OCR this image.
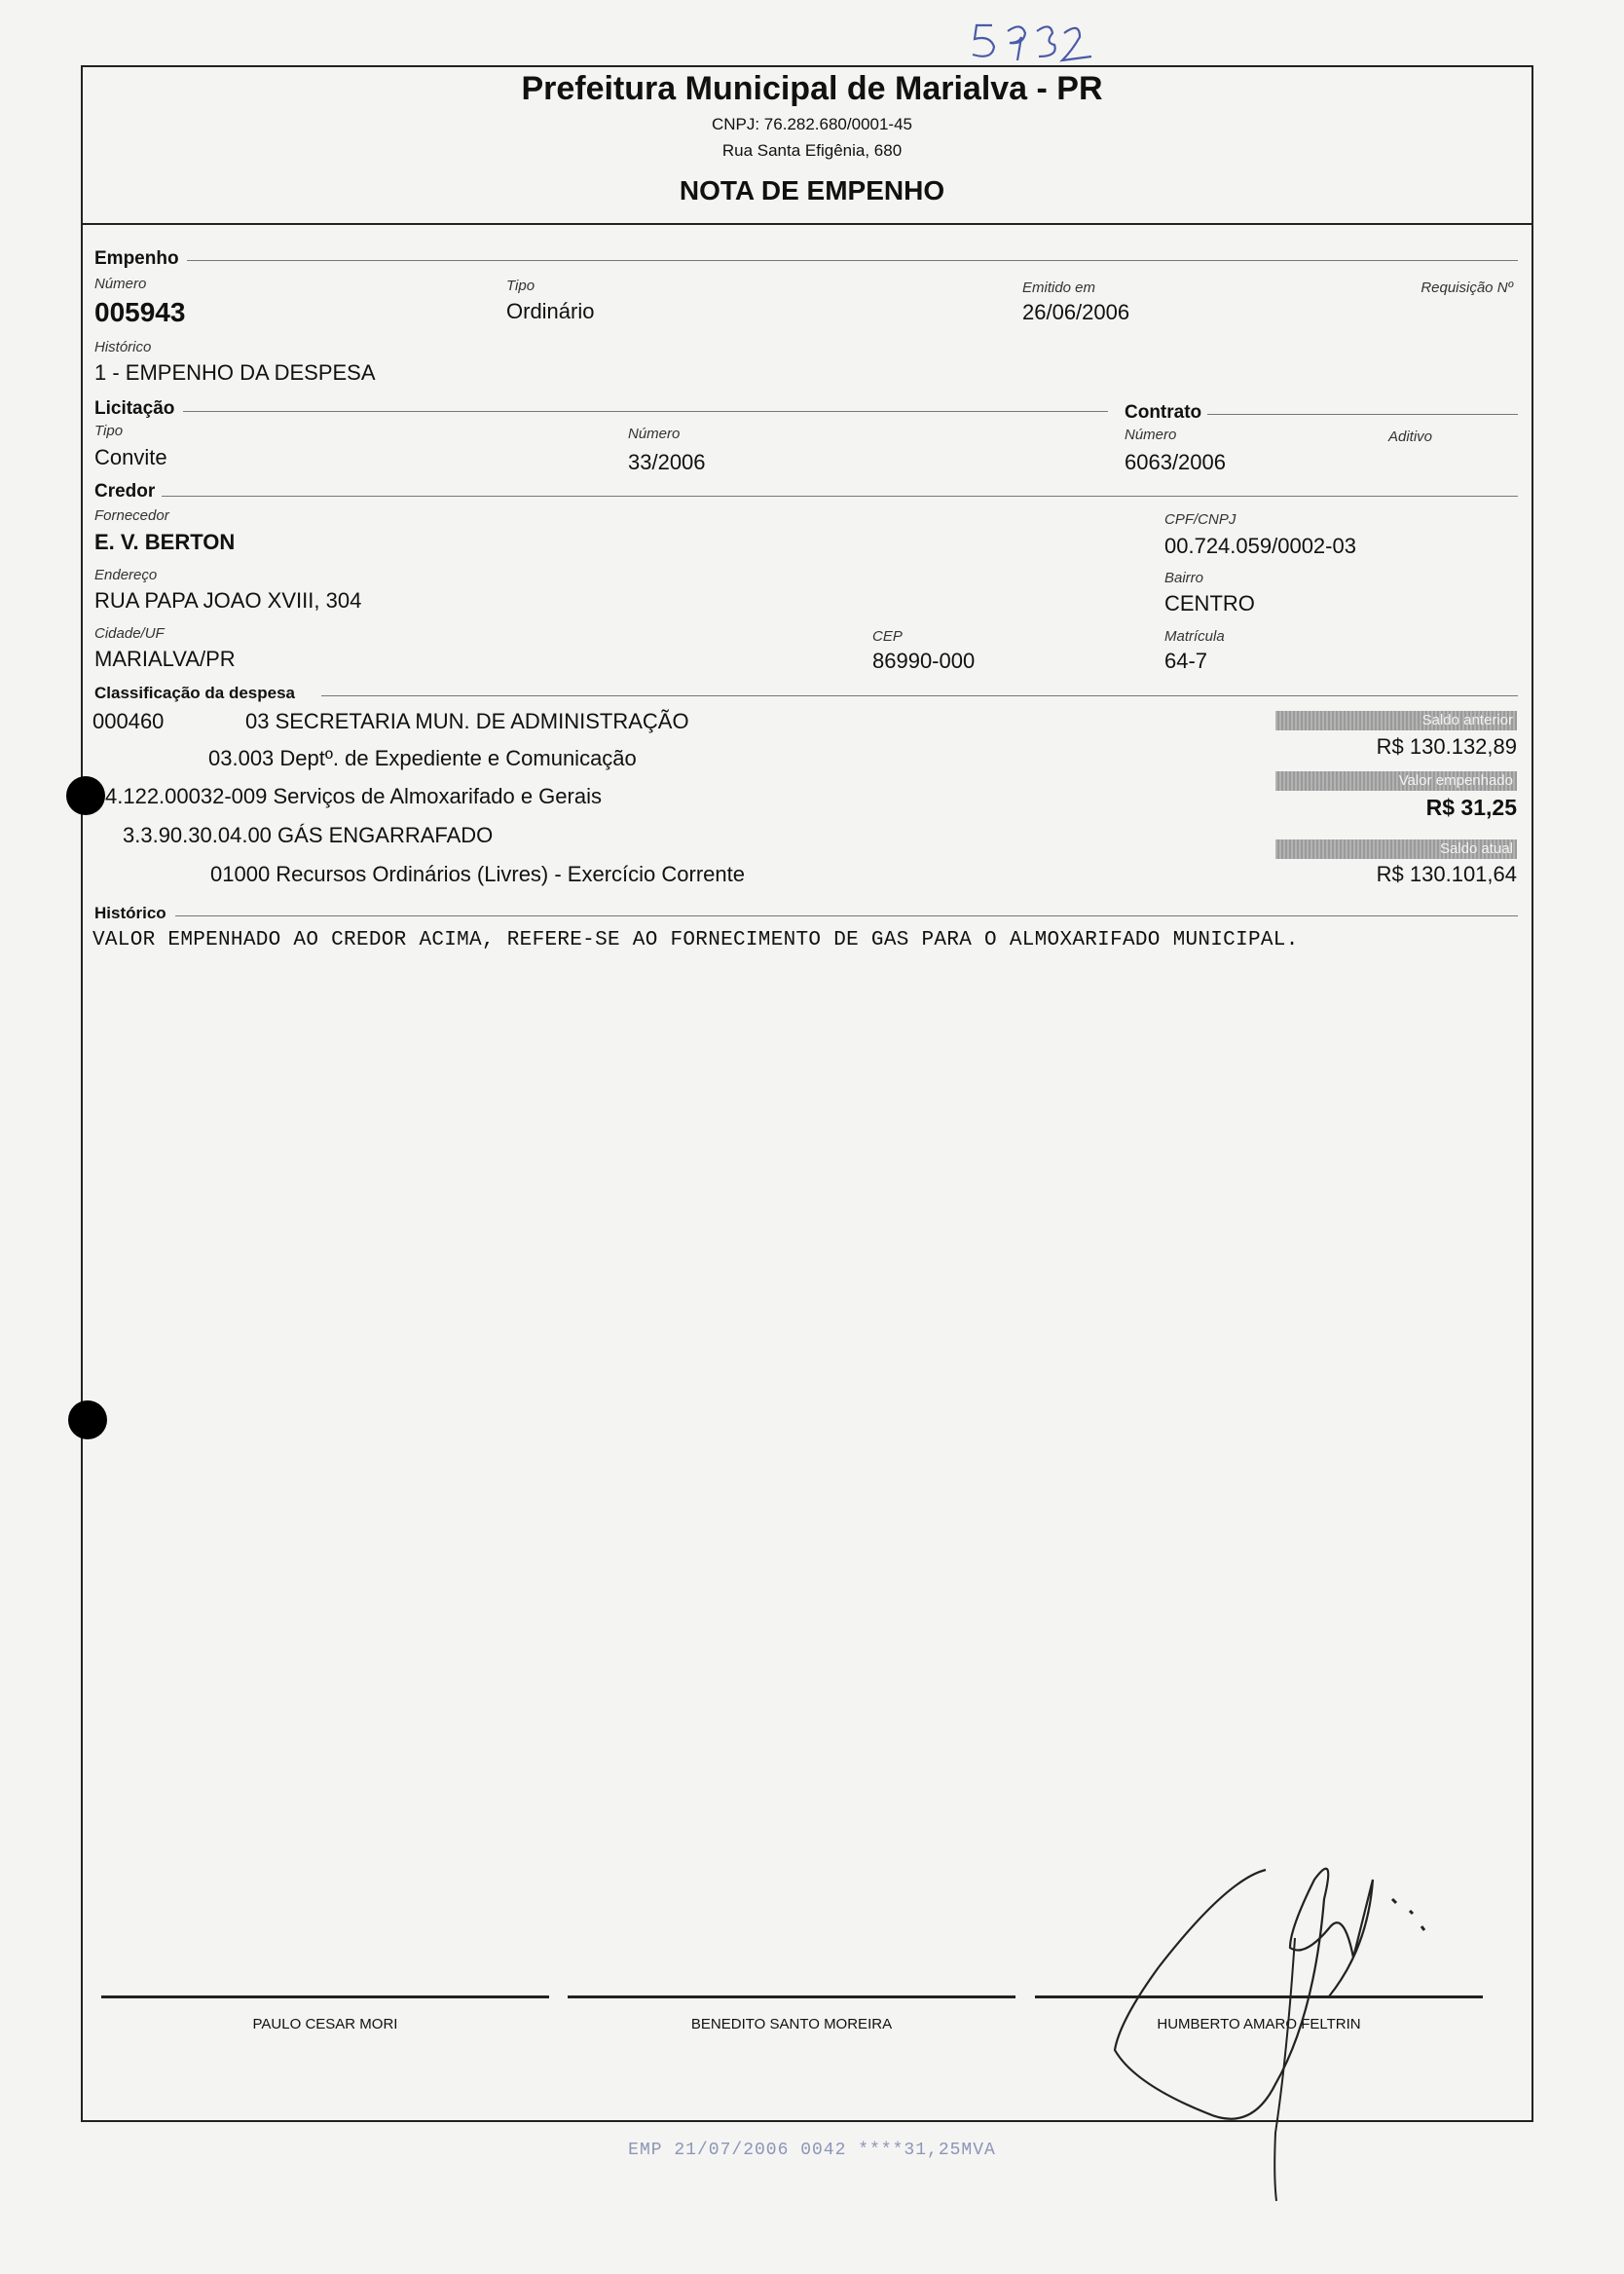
Prefeitura Municipal de Marialva - PR
CNPJ: 76.282.680/0001-45
Rua Santa Efigênia, 680
NOTA DE EMPENHO
Empenho
Número
005943
Tipo
Ordinário
Emitido em
26/06/2006
Requisição Nº
Histórico
1 - EMPENHO DA DESPESA
Licitação
Tipo
Convite
Número
33/2006
Contrato
Número
6063/2006
Aditivo
Credor
Fornecedor
E. V. BERTON
CPF/CNPJ
00.724.059/0002-03
Endereço
RUA PAPA JOAO XVIII, 304
Bairro
CENTRO
Cidade/UF
MARIALVA/PR
CEP
86990-000
Matrícula
64-7
Classificação da despesa
000460	03 SECRETARIA MUN. DE ADMINISTRAÇÃO
03.003 Deptº. de Expediente e Comunicação
4.122.00032-009 Serviços de Almoxarifado e Gerais
3.3.90.30.04.00 GÁS ENGARRAFADO
01000 Recursos Ordinários (Livres) - Exercício Corrente
Saldo anterior
R$ 130.132,89
Valor empenhado
R$ 31,25
Saldo atual
R$ 130.101,64
Histórico
VALOR EMPENHADO AO CREDOR ACIMA, REFERE-SE AO FORNECIMENTO DE GAS PARA O ALMOXARIFADO MUNICIPAL.
PAULO CESAR MORI	BENEDITO SANTO MOREIRA	HUMBERTO AMARO FELTRIN
EMP 21/07/2006 0042 ****31,25MVA
